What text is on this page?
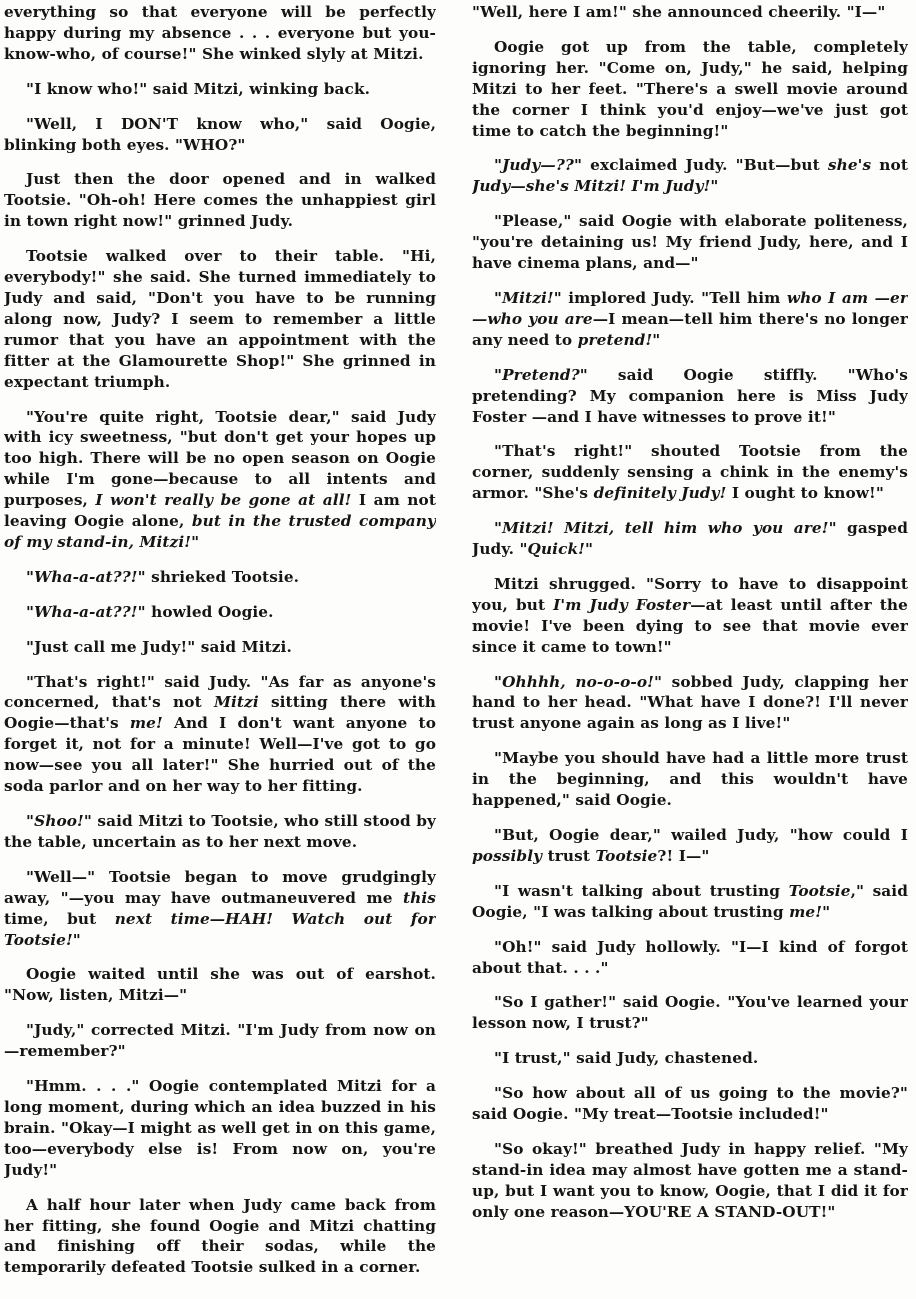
everything so that everyone will be perfectly happy during my absence . . . everyone but you-know-who, of course!" She winked slyly at Mitzi.

"I know who!" said Mitzi, winking back.

"Well, I DON'T know who," said Oogie, blinking both eyes. "WHO?"

Just then the door opened and in walked Tootsie. "Oh-oh! Here comes the unhappiest girl in town right now!" grinned Judy.

Tootsie walked over to their table. "Hi, everybody!" she said. She turned immediately to Judy and said, "Don't you have to be running along now, Judy? I seem to remember a little rumor that you have an appointment with the fitter at the Glamourette Shop!" She grinned in expectant triumph.

"You're quite right, Tootsie dear," said Judy with icy sweetness, "but don't get your hopes up too high. There will be no open season on Oogie while I'm gone—because to all intents and purposes, I won't really be gone at all! I am not leaving Oogie alone, but in the trusted company of my stand-in, Mitzi!"

"Wha-a-at??!" shrieked Tootsie.

"Wha-a-at??!" howled Oogie.

"Just call me Judy!" said Mitzi.

"That's right!" said Judy. "As far as anyone's concerned, that's not Mitzi sitting there with Oogie—that's me! And I don't want anyone to forget it, not for a minute! Well—I've got to go now—see you all later!" She hurried out of the soda parlor and on her way to her fitting.

"Shoo!" said Mitzi to Tootsie, who still stood by the table, uncertain as to her next move.

"Well—" Tootsie began to move grudgingly away, "—you may have outmaneuvered me this time, but next time—HAH! Watch out for Tootsie!"

Oogie waited until she was out of earshot. "Now, listen, Mitzi—"

"Judy," corrected Mitzi. "I'm Judy from now on—remember?"

"Hmm. . . ." Oogie contemplated Mitzi for a long moment, during which an idea buzzed in his brain. "Okay—I might as well get in on this game, too—everybody else is! From now on, you're Judy!"

A half hour later when Judy came back from her fitting, she found Oogie and Mitzi chatting and finishing off their sodas, while the temporarily defeated Tootsie sulked in a corner.

"Well, here I am!" she announced cheerily. "I—"

Oogie got up from the table, completely ignoring her. "Come on, Judy," he said, helping Mitzi to her feet. "There's a swell movie around the corner I think you'd enjoy—we've just got time to catch the beginning!"

"Judy—??" exclaimed Judy. "But—but she's not Judy—she's Mitzi! I'm Judy!"

"Please," said Oogie with elaborate politeness, "you're detaining us! My friend Judy, here, and I have cinema plans, and—"

"Mitzi!" implored Judy. "Tell him who I am —er—who you are—I mean—tell him there's no longer any need to pretend!"

"Pretend?" said Oogie stiffly. "Who's pretending? My companion here is Miss Judy Foster —and I have witnesses to prove it!"

"That's right!" shouted Tootsie from the corner, suddenly sensing a chink in the enemy's armor. "She's definitely Judy! I ought to know!"

"Mitzi! Mitzi, tell him who you are!" gasped Judy. "Quick!"

Mitzi shrugged. "Sorry to have to disappoint you, but I'm Judy Foster—at least until after the movie! I've been dying to see that movie ever since it came to town!"

"Ohhhh, no-o-o-o!" sobbed Judy, clapping her hand to her head. "What have I done?! I'll never trust anyone again as long as I live!"

"Maybe you should have had a little more trust in the beginning, and this wouldn't have happened," said Oogie.

"But, Oogie dear," wailed Judy, "how could I possibly trust Tootsie?! I—"

"I wasn't talking about trusting Tootsie," said Oogie, "I was talking about trusting me!"

"Oh!" said Judy hollowly. "I—I kind of forgot about that. . . ."

"So I gather!" said Oogie. "You've learned your lesson now, I trust?"

"I trust," said Judy, chastened.

"So how about all of us going to the movie?" said Oogie. "My treat—Tootsie included!"

"So okay!" breathed Judy in happy relief. "My stand-in idea may almost have gotten me a stand-up, but I want you to know, Oogie, that I did it for only one reason—YOU'RE A STAND-OUT!"
